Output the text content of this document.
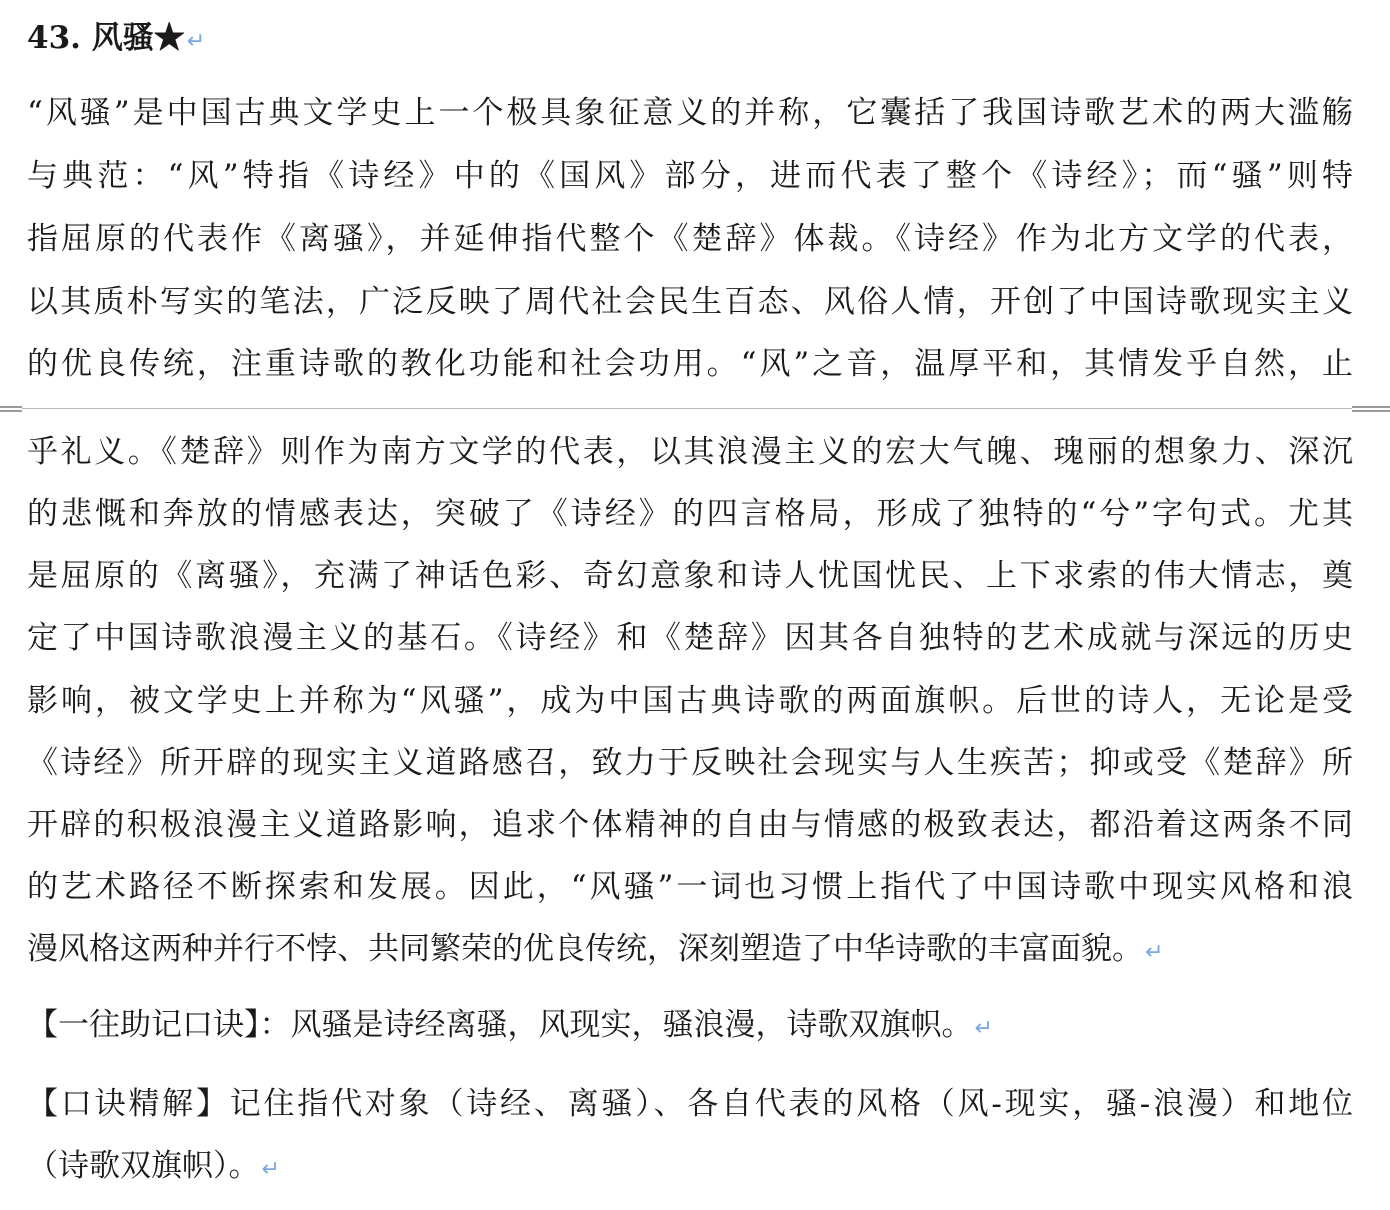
43. 风骚★↵

“风骚”是中国古典文学史上一个极具象征意义的并称，它囊括了我国诗歌艺术的两大滥觞

与典范：“风”特指《诗经》中的《国风》部分，进而代表了整个《诗经》；而“骚”则特

指屈原的代表作《离骚》，并延伸指代整个《楚辞》体裁。《诗经》作为北方文学的代表，

以其质朴写实的笔法，广泛反映了周代社会民生百态、风俗人情，开创了中国诗歌现实主义

的优良传统，注重诗歌的教化功能和社会功用。“风”之音，温厚平和，其情发乎自然，止

乎礼义。《楚辞》则作为南方文学的代表，以其浪漫主义的宏大气魄、瑰丽的想象力、深沉

的悲慨和奔放的情感表达，突破了《诗经》的四言格局，形成了独特的“兮”字句式。尤其

是屈原的《离骚》，充满了神话色彩、奇幻意象和诗人忧国忧民、上下求索的伟大情志，奠

定了中国诗歌浪漫主义的基石。《诗经》和《楚辞》因其各自独特的艺术成就与深远的历史

影响，被文学史上并称为“风骚”，成为中国古典诗歌的两面旗帜。后世的诗人，无论是受

《诗经》所开辟的现实主义道路感召，致力于反映社会现实与人生疾苦；抑或受《楚辞》所

开辟的积极浪漫主义道路影响，追求个体精神的自由与情感的极致表达，都沿着这两条不同

的艺术路径不断探索和发展。因此，“风骚”一词也习惯上指代了中国诗歌中现实风格和浪

漫风格这两种并行不悖、共同繁荣的优良传统，深刻塑造了中华诗歌的丰富面貌。↵

【一往助记口诀】：风骚是诗经离骚，风现实，骚浪漫，诗歌双旗帜。↵

【口诀精解】记住指代对象（诗经、离骚）、各自代表的风格（风-现实，骚-浪漫）和地位

（诗歌双旗帜）。↵
